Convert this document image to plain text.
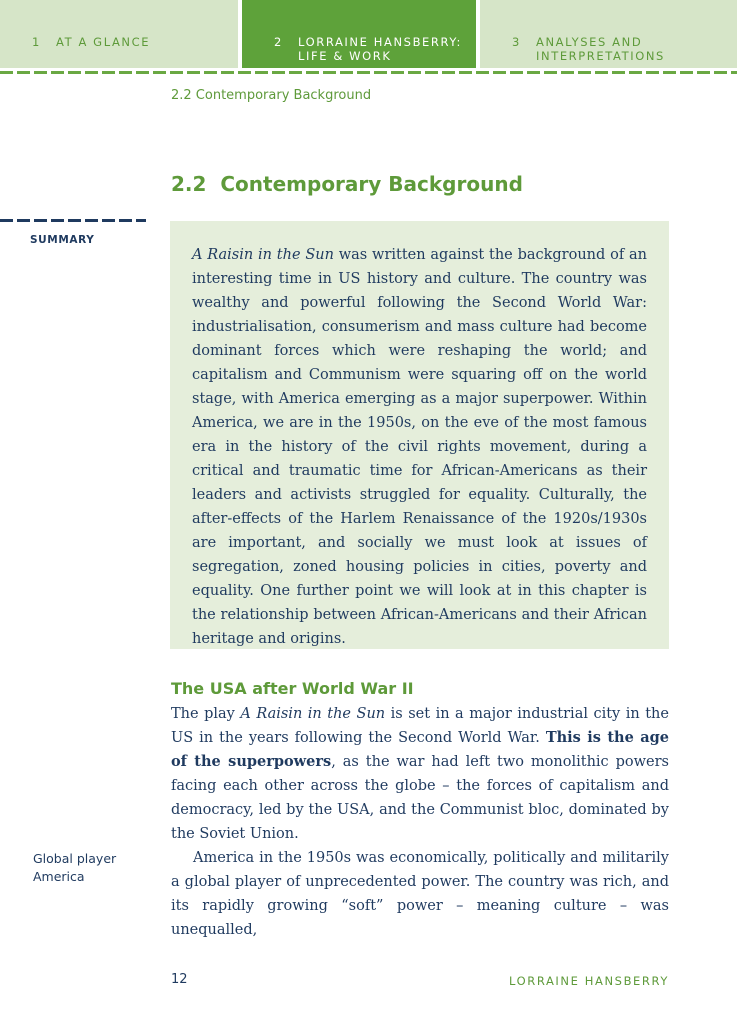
1 AT A GLANCE	2 LORRAINE HANSBERRY:
LIFE & WORK
3 ANALYSES AND
INTERPRETATIONS
2.2 Contemporary Background
2.2 Contemporary Background
SUMMARY

A Raisin in the Sun was written against the background of an interesting time in US history and culture. The country was wealthy and powerful following the Second World War: industrialisation, consumerism and mass culture had become dominant forces which were reshaping the world; and capitalism and Communism were squaring off on the world stage, with America emerging as a major superpower. Within America, we are in the 1950s, on the eve of the most famous era in the history of the civil rights movement, during a critical and traumatic time for African-Americans as their leaders and activists struggled for equality. Culturally, the after-effects of the Harlem Renaissance of the 1920s/1930s are important, and socially we must look at issues of segregation, zoned housing policies in cities, poverty and equality. One further point we will look at in this chapter is the relationship between African-Americans and their African heritage and origins.

The USA after World War II

The play A Raisin in the Sun is set in a major industrial city in the US in the years following the Second World War. This is the age of the superpowers, as the war had left two monolithic powers facing each other across the globe – the forces of capitalism and democracy, led by the USA, and the Communist bloc, dominated by the Soviet Union.

America in the 1950s was economically, politically and militarily a global player of unprecedented power. The country was rich, and its rapidly growing “soft” power – meaning culture – was unequalled,

Global player
America
12	LORRAINE HANSBERRY
